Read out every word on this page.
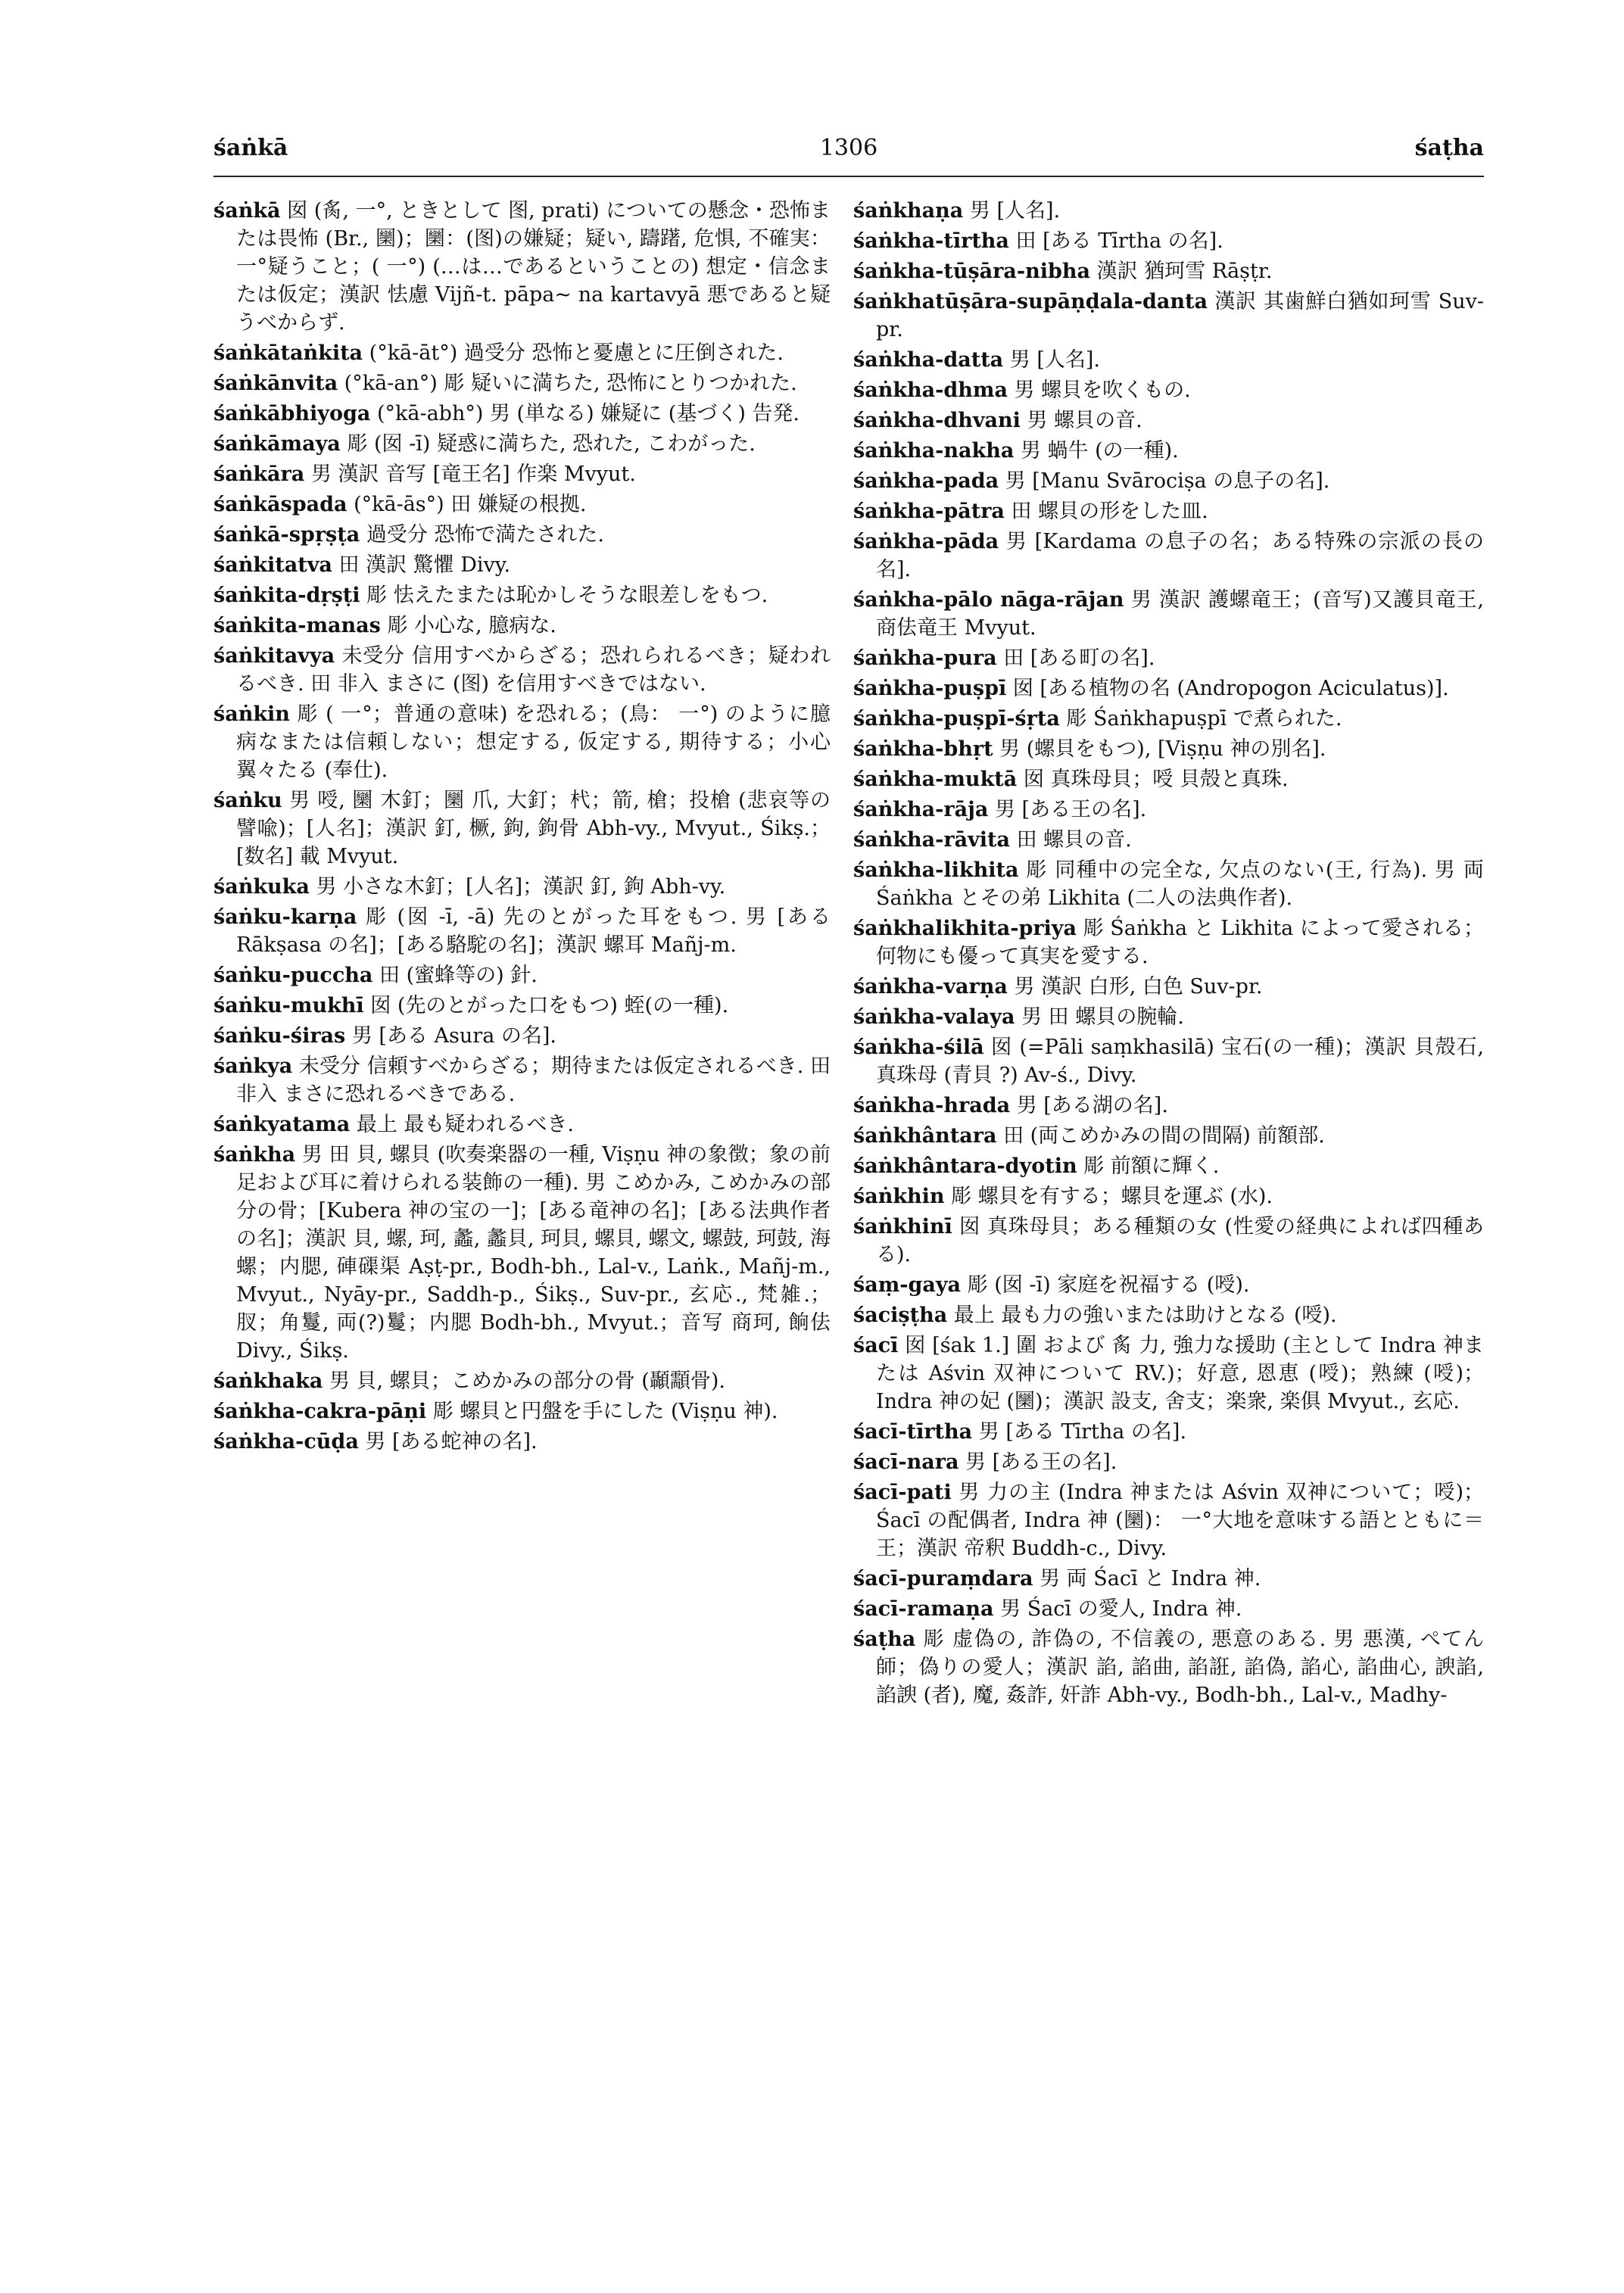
śaṅkā	1306	śaṭha
śaṅkā 囡 (䏑, 一°, ときとして 图, prati) についての懸念・恐怖または畏怖 (Br., 圞)；圞：(图)の嫌疑；疑い, 躊躇, 危惧, 不確実： 一°疑うこと；( 一°) (…は…であるということの) 想定・信念または仮定；漢訳 怯慮 Vijñ-t. pāpa~ na kartavyā 悪であると疑うべからず.
śaṅkātaṅkita (°kā-āt°) 過受分 恐怖と憂慮とに圧倒された.
śaṅkānvita (°kā-an°) 彫 疑いに満ちた, 恐怖にとりつかれた.
śaṅkābhiyoga (°kā-abh°) 男 (単なる) 嫌疑に (基づく) 告発.
śaṅkāmaya 彫 (囡 -ī) 疑惑に満ちた, 恐れた, こわがった.
śaṅkāra 男 漢訳 音写 [竜王名] 作楽 Mvyut.
śaṅkāspada (°kā-ās°) 田 嫌疑の根拠.
śaṅkā-spṛṣṭa 過受分 恐怖で満たされた.
śaṅkitatva 田 漢訳 驚懼 Divy.
śaṅkita-dṛṣṭi 彫 怯えたまたは恥かしそうな眼差しをもつ.
śaṅkita-manas 彫 小心な, 臆病な.
śaṅkitavya 未受分 信用すべからざる；恐れられるべき；疑われるべき. 田 非入 まさに (图) を信用すべきではない.
śaṅkin 彫 ( 一°；普通の意味) を恐れる；(鳥： 一°) のように臆病なまたは信頼しない；想定する, 仮定する, 期待する；小心翼々たる (奉仕).
śaṅku 男 㖟, 圞 木釘；圞 爪, 大釘；杙；箭, 槍；投槍 (悲哀等の 譬喩)；[人名]；漢訳 釘, 橛, 鉤, 鉤骨 Abh-vy., Mvyut., Śikṣ.；[数名] 載 Mvyut.
śaṅkuka 男 小さな木釘；[人名]；漢訳 釘, 鉤 Abh-vy.
śaṅku-karṇa 彫 (囡 -ī, -ā) 先のとがった耳をもつ. 男 [ある Rākṣasa の名]；[ある駱駝の名]；漢訳 螺耳 Mañj-m.
śaṅku-puccha 田 (蜜蜂等の) 針.
śaṅku-mukhī 囡 (先のとがった口をもつ) 蛭(の一種).
śaṅku-śiras 男 [ある Asura の名].
śaṅkya 未受分 信頼すべからざる；期待または仮定されるべき. 田 非入 まさに恐れるべきである.
śaṅkyatama 最上 最も疑われるべき.
śaṅkha 男 田 貝, 螺貝 (吹奏楽器の一種, Viṣṇu 神の象徴；象の前足および耳に着けられる装飾の一種). 男 こめかみ, こめかみの部分の骨；[Kubera 神の宝の一]；[ある竜神の名]；[ある法典作者の名]；漢訳 貝, 螺, 珂, 蠡, 蠡貝, 珂貝, 螺貝, 螺文, 螺鼓, 珂鼓, 海螺；内腮, 硨磲渠 Aṣṭ-pr., Bodh-bh., Lal-v., Laṅk., Mañj-m., Mvyut., Nyāy-pr., Saddh-p., Śikṣ., Suv-pr., 玄応., 梵雑.；肞；角鬘, 両(?)鬘；内腮 Bodh-bh., Mvyut.；音写 商珂, 餉佉 Divy., Śikṣ.
śaṅkhaka 男 貝, 螺貝；こめかみの部分の骨 (顳顬骨).
śaṅkha-cakra-pāṇi 彫 螺貝と円盤を手にした (Viṣṇu 神).
śaṅkha-cūḍa 男 [ある蛇神の名].
śaṅkhaṇa 男 [人名].
śaṅkha-tīrtha 田 [ある Tīrtha の名].
śaṅkha-tūṣāra-nibha 漢訳 猶珂雪 Rāṣṭr.
śaṅkhatūṣāra-supāṇḍala-danta 漢訳 其歯鮮白猶如珂雪 Suv-pr.
śaṅkha-datta 男 [人名].
śaṅkha-dhma 男 螺貝を吹くもの.
śaṅkha-dhvani 男 螺貝の音.
śaṅkha-nakha 男 蝸牛 (の一種).
śaṅkha-pada 男 [Manu Svārociṣa の息子の名].
śaṅkha-pātra 田 螺貝の形をした皿.
śaṅkha-pāda 男 [Kardama の息子の名；ある特殊の宗派の長の名].
śaṅkha-pālo nāga-rājan 男 漢訳 護螺竜王；(音写)又護貝竜王, 商佉竜王 Mvyut.
śaṅkha-pura 田 [ある町の名].
śaṅkha-puṣpī 囡 [ある植物の名 (Andropogon Aciculatus)].
śaṅkha-puṣpī-śṛta 彫 Śaṅkhapuṣpī で煮られた.
śaṅkha-bhṛt 男 (螺貝をもつ), [Viṣṇu 神の別名].
śaṅkha-muktā 囡 真珠母貝；㖟 貝殻と真珠.
śaṅkha-rāja 男 [ある王の名].
śaṅkha-rāvita 田 螺貝の音.
śaṅkha-likhita 彫 同種中の完全な, 欠点のない(王, 行為). 男 両 Śaṅkha とその弟 Likhita (二人の法典作者).
śaṅkhalikhita-priya 彫 Śaṅkha と Likhita によって愛される；何物にも優って真実を愛する.
śaṅkha-varṇa 男 漢訳 白形, 白色 Suv-pr.
śaṅkha-valaya 男 田 螺貝の腕輪.
śaṅkha-śilā 囡 (=Pāli saṃkhasilā) 宝石(の一種)；漢訳 貝殻石, 真珠母 (青貝 ?) Av-ś., Divy.
śaṅkha-hrada 男 [ある湖の名].
śaṅkhântara 田 (両こめかみの間の間隔) 前額部.
śaṅkhântara-dyotin 彫 前額に輝く.
śaṅkhin 彫 螺貝を有する；螺貝を運ぶ (水).
śaṅkhinī 囡 真珠母貝；ある種類の女 (性愛の経典によれば四種ある).
śaṃ-gaya 彫 (囡 -ī) 家庭を祝福する (㖟).
śaciṣṭha 最上 最も力の強いまたは助けとなる (㖟).
śacī 囡 [śak 1.] 圍 および 䏑 力, 強力な援助 (主として Indra 神または Aśvin 双神について RV.)；好意, 恩恵 (㖟)；熟練 (㖟)；Indra 神の妃 (圞)；漢訳 設支, 舍支；楽衆, 楽俱 Mvyut., 玄応.
śacī-tīrtha 男 [ある Tīrtha の名].
śacī-nara 男 [ある王の名].
śacī-pati 男 力の主 (Indra 神または Aśvin 双神について；㖟)；Śacī の配偶者, Indra 神 (圞)： 一°大地を意味する語とともに＝王；漢訳 帝釈 Buddh-c., Divy.
śacī-puraṃdara 男 両 Śacī と Indra 神.
śacī-ramaṇa 男 Śacī の愛人, Indra 神.
śaṭha 彫 虚偽の, 詐偽の, 不信義の, 悪意のある. 男 悪漢, ぺてん師；偽りの愛人；漢訳 諂, 諂曲, 諂誑, 諂偽, 諂心, 諂曲心, 諛諂, 諂諛 (者), 魔, 姦詐, 奸詐 Abh-vy., Bodh-bh., Lal-v., Madhy-
